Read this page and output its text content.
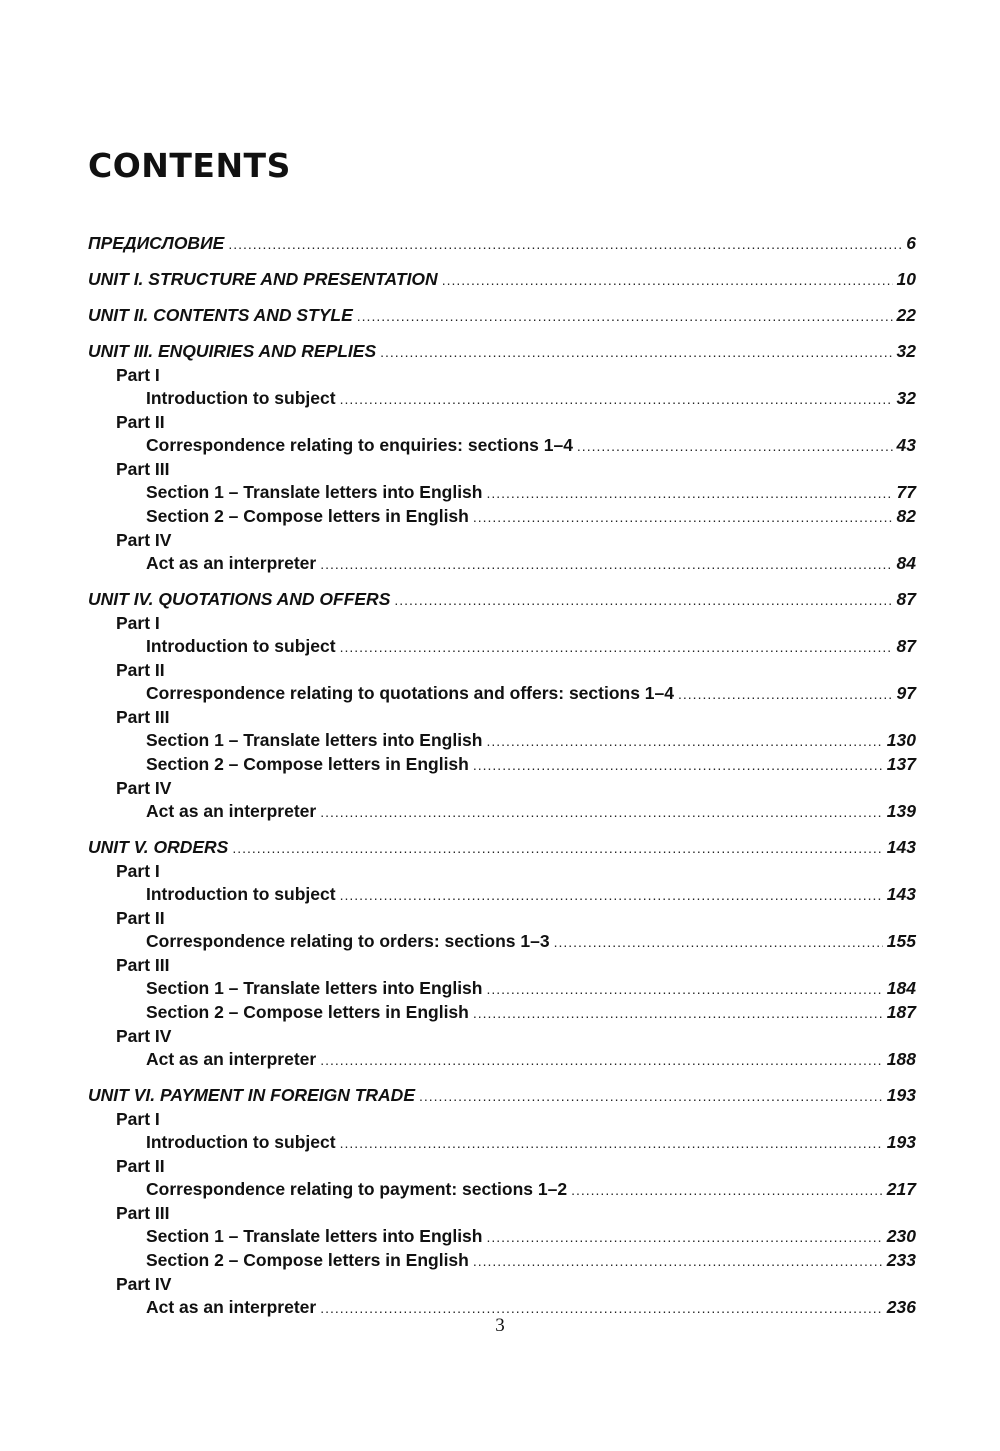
CONTENTS
ПРЕДИСЛОВИЕ .....	6
UNIT I. STRUCTURE AND PRESENTATION .....	10
UNIT II. CONTENTS AND STYLE .....	22
UNIT III. ENQUIRIES AND REPLIES .....	32
Part I
Introduction to subject .....	32
Part II
Correspondence relating to enquiries: sections 1–4 .....	43
Part III
Section 1 – Translate letters into English .....	77
Section 2 – Compose letters in English .....	82
Part IV
Act as an interpreter .....	84
UNIT IV. QUOTATIONS AND OFFERS .....	87
Part I
Introduction to subject .....	87
Part II
Correspondence relating to quotations and offers: sections 1–4 .....	97
Part III
Section 1 – Translate letters into English .....	130
Section 2 – Compose letters in English .....	137
Part IV
Act as an interpreter .....	139
UNIT V. ORDERS .....	143
Part I
Introduction to subject .....	143
Part II
Correspondence relating to orders: sections 1–3 .....	155
Part III
Section 1 – Translate letters into English .....	184
Section 2 – Compose letters in English .....	187
Part IV
Act as an interpreter .....	188
UNIT VI. PAYMENT IN FOREIGN TRADE .....	193
Part I
Introduction to subject .....	193
Part II
Correspondence relating to payment: sections 1–2 .....	217
Part III
Section 1 – Translate letters into English .....	230
Section 2 – Compose letters in English .....	233
Part IV
Act as an interpreter .....	236
3
